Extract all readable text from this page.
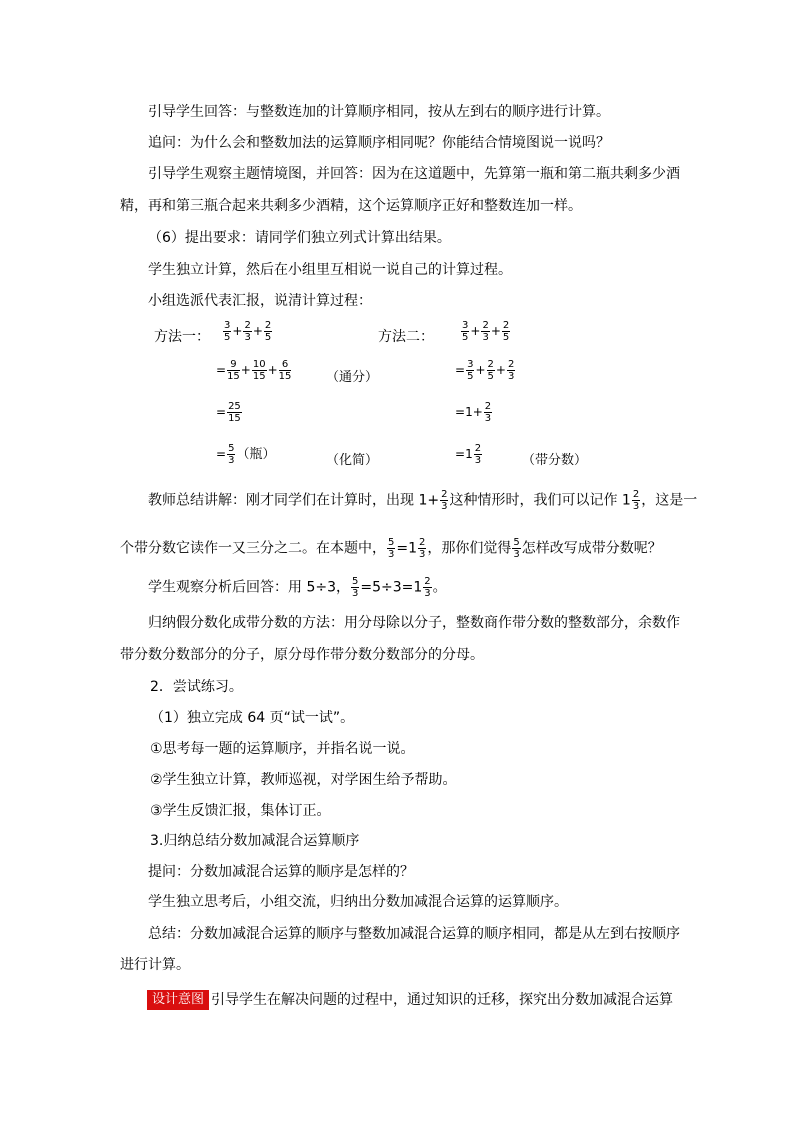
引导学生回答：与整数连加的计算顺序相同，按从左到右的顺序进行计算。
追问：为什么会和整数加法的运算顺序相同呢？你能结合情境图说一说吗？
引导学生观察主题情境图，并回答：因为在这道题中，先算第一瓶和第二瓶共剩多少酒
精，再和第三瓶合起来共剩多少酒精，这个运算顺序正好和整数连加一样。
（6）提出要求：请同学们独立列式计算出结果。
学生独立计算，然后在小组里互相说一说自己的计算过程。
小组选派代表汇报，说清计算过程：
方法一： $\frac{3}{5} + \frac{2}{3} + \frac{2}{5}$
= $\frac{9}{15} + \frac{10}{15} + \frac{6}{15}$	（通分）
= $\frac{25}{15}$
= $\frac{5}{3}$ （瓶）	（化简）
方法二：	$\frac{3}{5} + \frac{2}{3} + \frac{2}{5}$
= $\frac{3}{5} + \frac{2}{5} + \frac{2}{3}$
$=1+ \frac{2}{3}$
$=1 \frac{2}{3}$	（带分数）
教师总结讲解：刚才同学们在计算时，出现 $1+ \frac{2}{3}$ 这种情形时，我们可以记作 $1 \frac{2}{3}$ ，这是一
个带分数它读作一又三分之二。在本题中， $\frac{5}{3} =1 \frac{2}{3}$ ，那你们觉得 $\frac{5}{3}$ 怎样改写成带分数呢？
学生观察分析后回答：用 5÷3， $\frac{5}{3} =5\div 3=1 \frac{2}{3}$ 。
归纳假分数化成带分数的方法：用分母除以分子，整数商作带分数的整数部分，余数作
带分数分数部分的分子，原分母作带分数分数部分的分母。
2．尝试练习。
（1）独立完成 64 页“试一试”。
①思考每一题的运算顺序，并指名说一说。
②学生独立计算，教师巡视，对学困生给予帮助。
③学生反馈汇报，集体订正。
3.归纳总结分数加减混合运算顺序
提问：分数加减混合运算的顺序是怎样的？
学生独立思考后，小组交流，归纳出分数加减混合运算的运算顺序。
总结：分数加减混合运算的顺序与整数加减混合运算的顺序相同，都是从左到右按顺序
进行计算。
设计意图 引导学生在解决问题的过程中，通过知识的迁移，探究出分数加减混合运算
